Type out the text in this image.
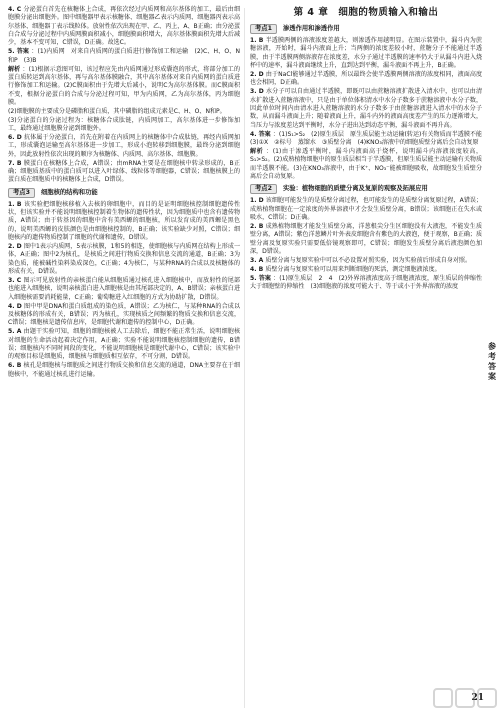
4. C 分泌蛋白首先在核糖体上合成，再依次经过内质网和高尔基体的加工，最后由细胞膜分泌出细胞外。图中细胞器甲表示核糖体、细胞器乙表示内质网、细胞器丙表示高尔基体、细胞器丁表示线粒体。放射性依次出现在甲、乙、丙上，A、B正确；由分泌蛋白合成与分泌过程中内质网膜面积减小，细胞膜面积增大，高尔基体膜面积先增大后减少，基本不变可知，C错误，D正确。故选C。
5. 答案 ：(1)内质网　对来自内质网的蛋白质进行修饰加工和运输　(2)C、H、O、N和P　(3)B
解析 ：(1)根据示意图可知，该过程应先由内质网通过形成囊泡的形式，将部分加工的蛋白质转运到高尔基体，再与高尔基体膜融合，其中高尔基体对来自内质网的蛋白质进行修饰加工和运输。(2)C膜面积由于先增大后减小，说明C为高尔基体膜。而C膜面积不变，根据分泌蛋白的合成与分泌过程可知，甲为内质网，乙为高尔基体，丙为细胞膜。
(2)细胞膜的主要成分是磷脂和蛋白质，其中磷脂的组成元素是C、H、O、N和P。
(3)分泌蛋白的分泌过程为：核糖体合成肽链，内质网加工，高尔基体进一步修饰加工，最终通过细胞膜分泌到细胞外。
6. D 抗体属于分泌蛋白，首先在附着在内质网上的核糖体中合成肽链，再经内质网加工，形成囊泡运输至高尔基体进一步加工，形成小泡转移到细胞膜，最终分泌到细胞外，因此放射性依次出现的顺序为核糖体、内质网、高尔基体、细胞膜。
7. B 膜蛋白在核糖体上合成，A错误；由mRNA主要是在细胞核中转录形成的，B正确；细胞质基质中的蛋白质可以进入叶绿体、线粒体等细胞器，C错误；细胞核膜上的蛋白质在细胞质中的核糖体上合成，D错误。
考点3	细胞核的结构和功能
1. B 该实验把细胞核移植入去核的卵细胞中，而目的是证明细胞核控制细胞遗传性状，但该实验并不能说明细胞核控制着生物体的遗传性状，因为细胞质中也含有遗传物质，A错误；由于转基因的细胞中含有美西螈的细胞核，所以发育成的美西螈是黑色的，说明美西螈的皮肤颜色是由细胞核控制的，B正确；该实验缺少对照，C错误；细胞核内的遗传物质控制了细胞的代谢和遗传，D错误。
2. D 图中1表示内质网，5表示核膜，1和5的相连，使细胞核与内质网在结构上形成一体，A正确；图中2为核孔，是核质之间进行物质交换和信息交流的通道，B正确；3为染色质，能被碱性染料染成深色，C正确；4为核仁，与某种RNA的合成以及核糖体的形成有关，D错误。
3. C 图示可见放射性的亲核蛋白能从细胞质通过核孔进入细胞核中，而放射性的尾部也能进入细胞核，说明亲核蛋白进入细胞核是由其尾部决定的，A、B错误；亲核蛋白进入细胞核需要消耗能量，C正确；葡萄糖进入红细胞的方式为协助扩散，D错误。
4. D 图中甲是DNA和蛋白质组成的染色质，A错误；乙为核仁，与某种RNA的合成以及核糖体的形成有关，B错误；丙为核孔，实现核质之间频繁的物质交换和信息交流，C错误；细胞核是遗传信息库，是细胞代谢和遗传的控制中心，D正确。
5. A 由题干实验可知，细胞的细胞核被人工去除后，细胞不能正常生活，说明细胞核对细胞的生命活动起着决定作用，A正确；实验不能说明细胞核控制细胞的遗传，B错误；细胞核内不同时间段的变化，不能说明细胞核是细胞代谢中心，C错误；该实验中的观察目标是细胞质，细胞核与细胞质相互依存，不可分割，D错误。
6. B 核孔是细胞核与细胞质之间进行物质交换和信息交流的通道，DNA主要存在于细胞核中，不能通过核孔进行运输。
第 4 章　细胞的物质输入和输出
考点1	渗透作用和渗透作用
1. B 半透膜两侧的溶液浓度差越大，则渗透作用越明显。在图示装置中，漏斗内为蔗糖溶液，开始时，漏斗内液面上升；当两侧的浓度差较小时，蔗糖分子不能通过半透膜，由于半透膜两侧溶液存在浓度差，水分子通过半透膜的速率仍大于从漏斗内进入烧杯中的速率，漏斗液面继续上升，直到达到平衡，漏斗液面不再上升，B正确。
2. D 由于NaCl能够通过半透膜，所以最终会使半透膜两侧溶液的浓度相同，液面高度也会相同，D正确。
3. D 水分子可以自由通过半透膜，即既可以由蔗糖溶液扩散进入清水中，也可以由清水扩散进入蔗糖溶液中，只是由于单位体积清水中水分子数多于蔗糖溶液中水分子数，因此单位时间内由清水进入蔗糖溶液的水分子数多于由蔗糖溶液进入清水中的水分子数，从而漏斗液面上升；随着液面上升，漏斗内外的液面高度差产生的压力逐渐增大，当压力与浓度差达到平衡时，水分子进出达到动态平衡，漏斗液面不再升高。
4. 答案 ：(1)S₁>S₂　(2)原生质层　原生质层能主动运输(转运)有关物质而半透膜不能　(3)①X　②标号　蒸馏水　③质壁分离　(4)KNO₃溶液中的细胞质壁分离后会自动复原
解析 ：(1)由于渗透平衡时，漏斗内液面高于烧杯，说明漏斗内溶液浓度较高，S₁>S₂。(2)成熟植物细胞中的原生质层相当于半透膜，但原生质层能主动运输有关物质而半透膜不能。(3)在KNO₃溶液中，由于K⁺、NO₃⁻能被细胞吸收，故细胞发生质壁分离后会自动复原。
考点2	实验：植物细胞的质壁分离及复原的观察及拓展应用
1. D 该细胞可能发生的是质壁分离过程，也可能发生的是质壁分离复原过程，A错误；成熟植物细胞在一定浓度的外界溶液中才会发生质壁分离，B错误；该细胞正在失水或吸水，C错误；D正确。
2. B 成熟植物细胞才能发生质壁分离，洋葱根尖分生区细胞没有大液泡，不能发生质壁分离，A错误；紫色洋葱鳞片叶外表皮细胞含有紫色的大液泡，便于观察，B正确；质壁分离及复原实验只需要低倍镜观察即可，C错误；细胞发生质壁分离后液泡颜色加深，D错误。
3. A 质壁分离与复原实验中可以不必设置对照实验，因为实验前后形成自身对照。
4. B 质壁分离与复原实验可以用来判断细胞的死活，测定细胞液浓度。
5. 答案 ：(1)原生质层　2　4　(2)外界溶液浓度高于细胞液浓度，原生质层的伸缩性大于细胞壁的伸缩性　(3)细胞液的浓度可能大于、等于或小于外界溶液的浓度
参考答案
21
